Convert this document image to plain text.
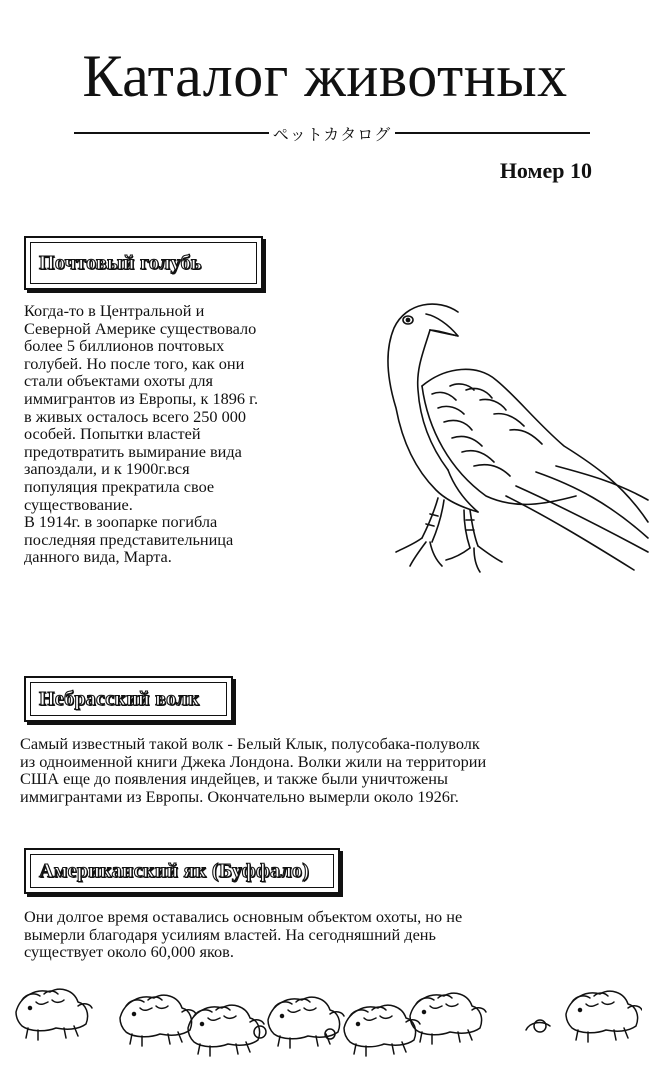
Каталог животных
ペットカタログ
Номер 10
Почтовый голубь
Когда-то в Центральной и
Северной Америке существовало
более 5 биллионов почтовых
голубей. Но после того, как они
стали объектами охоты для
иммигрантов из Европы, к 1896 г.
в живых осталось всего 250 000
особей. Попытки властей
предотвратить вымирание вида
запоздали, и к 1900г.вся
популяция прекратила свое
существование.
В 1914г. в зоопарке погибла
последняя представительница
данного вида, Марта.
Небрасский волк
Самый известный такой волк - Белый Клык, полусобака-полуволк
из одноименной книги Джека Лондона. Волки жили на территории
США еще до появления индейцев, и также были уничтожены
иммигрантами из Европы. Окончательно вымерли около 1926г.
Американский як (Буффало)
Они долгое время оставались основным объектом охоты, но не
вымерли благодаря усилиям властей. На сегодняшний день
существует около 60,000 яков.
